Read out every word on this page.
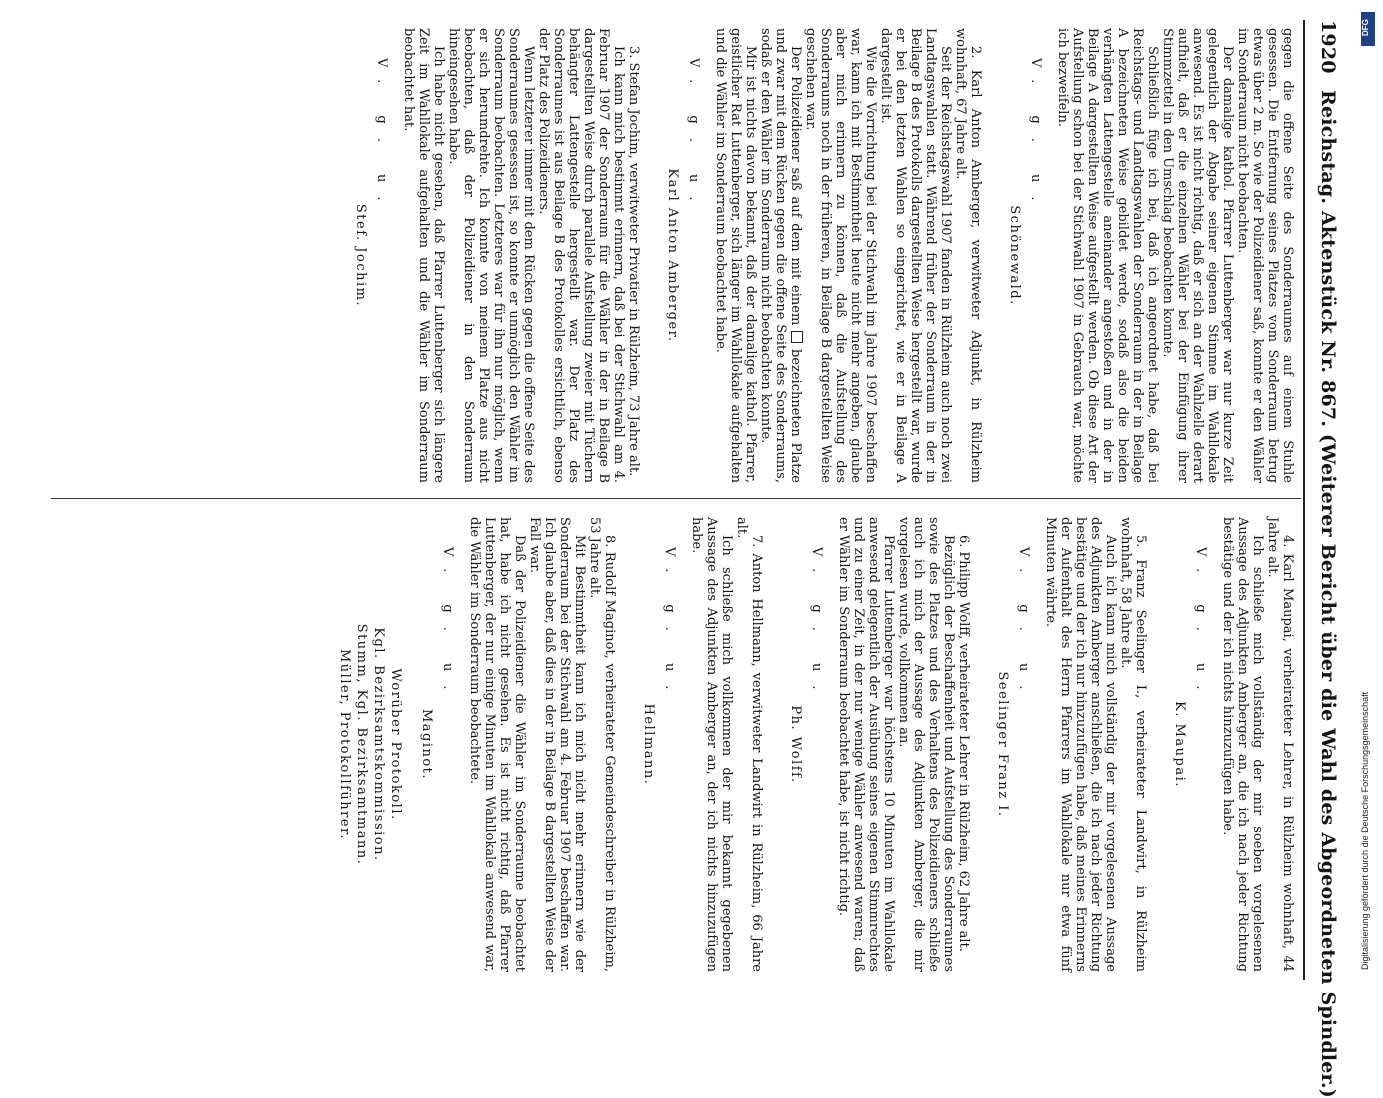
1920
Reichstag. Aktenstück Nr. 867. (Weiterer Bericht über die Wahl des Abgeordneten Spindler.)

gegen die offene Seite des Sonderraumes auf einem Stuhle gesessen. Die Entfernung seines Platzes vom Sonderraum betrug etwas über 2 m. So wie der Polizeidiener saß, konnte er den Wähler im Sonderraum nicht beobachten.

Der damalige kathol. Pfarrer Luttenberger war nur kurze Zeit gelegentlich der Abgabe seiner eigenen Stimme im Wahllokale anwesend. Es ist nicht richtig, daß er sich an der Wahlzelle derart aufhielt, daß er die einzelnen Wähler bei der Einfügung ihrer Stimmzettel in den Umschlag beobachten konnte.

Schließlich füge ich bei, daß ich angeordnet habe, daß bei Reichstags- und Landtagswahlen der Sonderraum in der in Beilage A bezeichneten Weise gebildet werde, sodaß also die beiden verhängten Lattengestelle aneinander angestoßen und in der in Beilage A dargestellten Weise aufgestellt werden. Ob diese Art der Aufstellung schon bei der Stichwahl 1907 in Gebrauch war, möchte ich bezweifeln.

V. g. u.

Schönewald.

2. Karl Anton Amberger, verwitweter Adjunkt, in Rülzheim wohnhaft, 67 Jahre alt.

Seit der Reichstagswahl 1907 fanden in Rülzheim auch noch zwei Landtagswahlen statt. Während früher der Sonderraum in der in Beilage B des Protokolls dargestellten Weise hergestellt war, wurde er bei den letzten Wahlen so eingerichtet, wie er in Beilage A dargestellt ist.

Wie die Vorrichtung bei der Stichwahl im Jahre 1907 beschaffen war, kann ich mit Bestimmtheit heute nicht mehr angeben, glaube aber mich erinnern zu können, daß die Aufstellung des Sonderraums noch in der früheren, in Beilage B dargestellten Weise geschehen war.

Der Polizeidiener saß auf dem mit einem  bezeichneten Platze und zwar mit dem Rücken gegen die offene Seite des Sonderraums, sodaß er den Wähler im Sonderraum nicht beobachten konnte.

Mir ist nichts davon bekannt, daß der damalige kathol. Pfarrer, geistlicher Rat Luttenberger, sich länger im Wahllokale aufgehalten und die Wähler im Sonderraum beobachtet habe.

V. g. u.

Karl Anton Amberger.

3. Stefan Jochim, verwitweter Privatier in Rülzheim, 73 Jahre alt.

Ich kann mich bestimmt erinnern, daß bei der Stichwahl am 4. Februar 1907 der Sonderraum für die Wähler in der in Beilage B dargestellten Weise durch parallele Aufstellung zweier mit Tüchern behängter Lattengestelle hergestellt war. Der Platz des Sonderraumes ist aus Beilage B des Protokolles ersichtlich, ebenso der Platz des Polizeidieners.

Wenn letzterer immer mit dem Rücken gegen die offene Seite des Sonderraumes gesessen ist, so konnte er unmöglich den Wähler im Sonderraum beobachten. Letzteres war für ihn nur möglich, wenn er sich herumdrehte. Ich konnte von meinem Platze aus nicht beobachten, daß der Polizeidiener in den Sonderraum hineingesehen habe.

Ich habe nicht gesehen, daß Pfarrer Luttenberger sich längere Zeit im Wahllokale aufgehalten und die Wähler im Sonderraum beobachtet hat.

V. g. u.

Stef. Jochim.

4. Karl Maupai, verheirateter Lehrer, in Rülzheim wohnhaft, 44 Jahre alt.

Ich schließe mich vollständig der mir soeben vorgelesenen Aussage des Adjunkten Amberger an, die ich nach jeder Richtung bestätige und der ich nichts hinzuzufügen habe.

V. g. u.

K. Maupai.

5. Franz Seelinger I., verheirateter Landwirt, in Rülzheim wohnhaft, 58 Jahre alt.

Auch ich kann mich vollständig der mir vorgelesenen Aussage des Adjunkten Amberger anschließen, die ich nach jeder Richtung bestätige und der ich nur hinzuzufügen habe, daß meines Erinnerns der Aufenthalt des Herrn Pfarrers im Wahllokale nur etwa fünf Minuten währte.

V. g. u.

Seelinger Franz I.

6. Philipp Wolff, verheirateter Lehrer in Rülzheim, 62 Jahre alt.

Bezüglich der Beschaffenheit und Aufstellung des Sonderraumes sowie des Platzes und des Verhaltens des Polizeidieners schließe auch ich mich der Aussage des Adjunkten Amberger, die mir vorgelesen wurde, vollkommen an.

Pfarrer Luttenberger war höchstens 10 Minuten im Wahllokale anwesend gelegentlich der Ausübung seines eigenen Stimmrechtes und zu einer Zeit, in der nur wenige Wähler anwesend waren; daß er Wähler im Sonderraum beobachtet habe, ist nicht richtig.

V. g. u.

Ph. Wolff.

7. Anton Hellmann, verwitweter Landwirt in Rülzheim, 66 Jahre alt.

Ich schließe mich vollkommen der mir bekannt gegebenen Aussage des Adjunkten Amberger an, der ich nichts hinzuzufügen habe.

V. g. u.

Hellmann.

8. Rudolf Maginot, verheirateter Gemeindeschreiber in Rülzheim, 53 Jahre alt.

Mit Bestimmtheit kann ich mich nicht mehr erinnern wie der Sonderraum bei der Stichwahl am 4. Februar 1907 beschaffen war. Ich glaube aber, daß dies in der in Beilage B dargestellten Weise der Fall war.

Daß der Polizeidiener die Wähler im Sonderraume beobachtet hat, habe ich nicht gesehen. Es ist nicht richtig, daß Pfarrer Luttenberger, der nur einige Minuten im Wahllokale anwesend war, die Wähler im Sonderraum beobachtete.

V. g. u.

Maginot.

Worüber Protokoll.

Kgl. Bezirksamtskommission.

Stumm, Kgl. Bezirksamtmann.

Müller, Protokollführer.

DFG
Digitalisierung gefördert durch die Deutsche Forschungsgemeinschaft
